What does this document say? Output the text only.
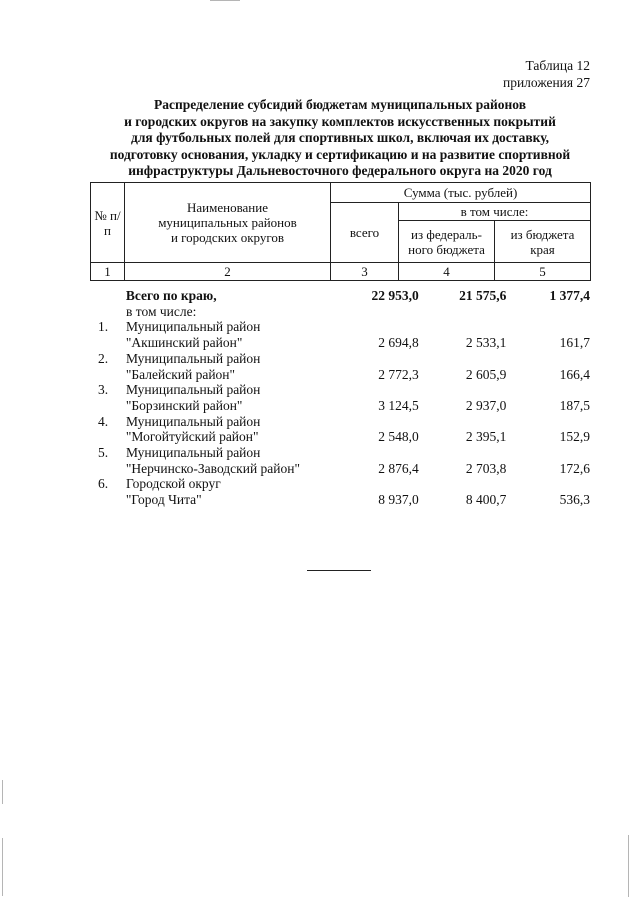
Таблица 12
приложения 27
Распределение субсидий бюджетам муниципальных районов
и городских округов на закупку комплектов искусственных покрытий
для футбольных полей для спортивных школ, включая их доставку,
подготовку основания, укладку и сертификацию и на развитие спортивной
инфраструктуры Дальневосточного федерального округа на 2020 год
№ п/п	Наименование муниципальных районов и городских округов	Сумма (тыс. рублей)		
		всего	в том числе:	
			из федераль-ного бюджета	из бюджета края
1	2	3	4	5
Всего по краю,	22 953,0	21 575,6	1 377,4
в том числе:
1.	Муниципальный район
"Акшинский район"	2 694,8	2 533,1	161,7
2.	Муниципальный район
"Балейский район"	2 772,3	2 605,9	166,4
3.	Муниципальный район
"Борзинский район"	3 124,5	2 937,0	187,5
4.	Муниципальный район
"Могойтуйский район"	2 548,0	2 395,1	152,9
5.	Муниципальный район
"Нерчинско-Заводский район"	2 876,4	2 703,8	172,6
6.	Городской округ
"Город Чита"	8 937,0	8 400,7	536,3
